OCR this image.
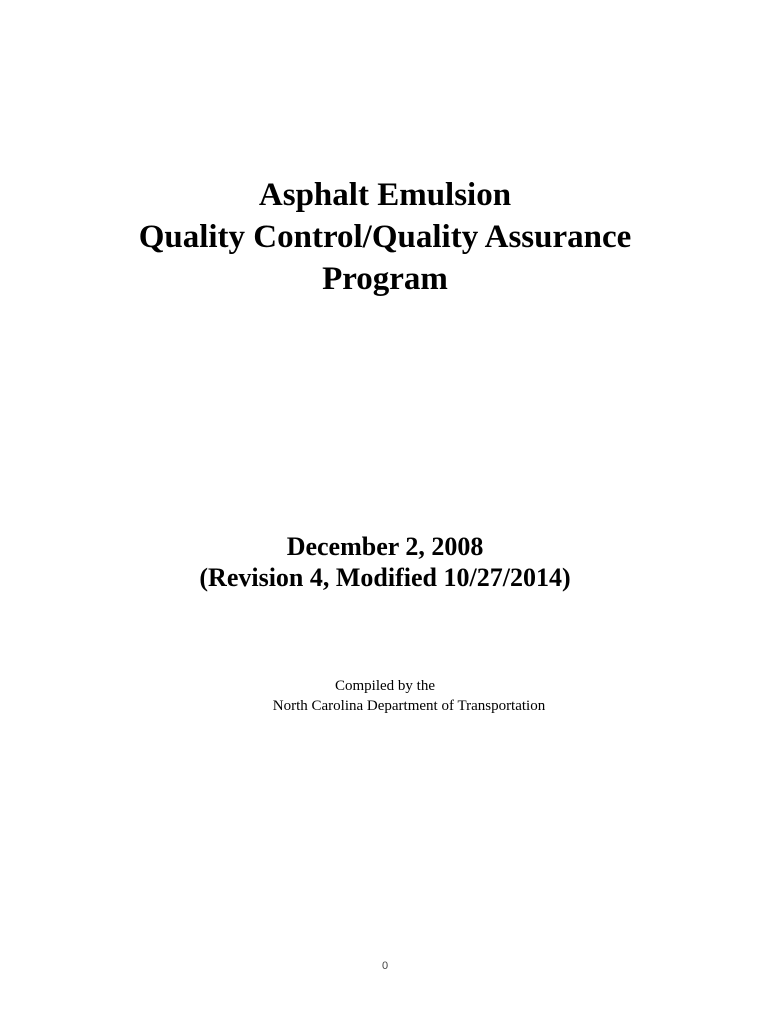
Asphalt Emulsion
Quality Control/Quality Assurance
Program
December 2, 2008
(Revision 4, Modified 10/27/2014)
Compiled by the
North Carolina Department of Transportation
0
